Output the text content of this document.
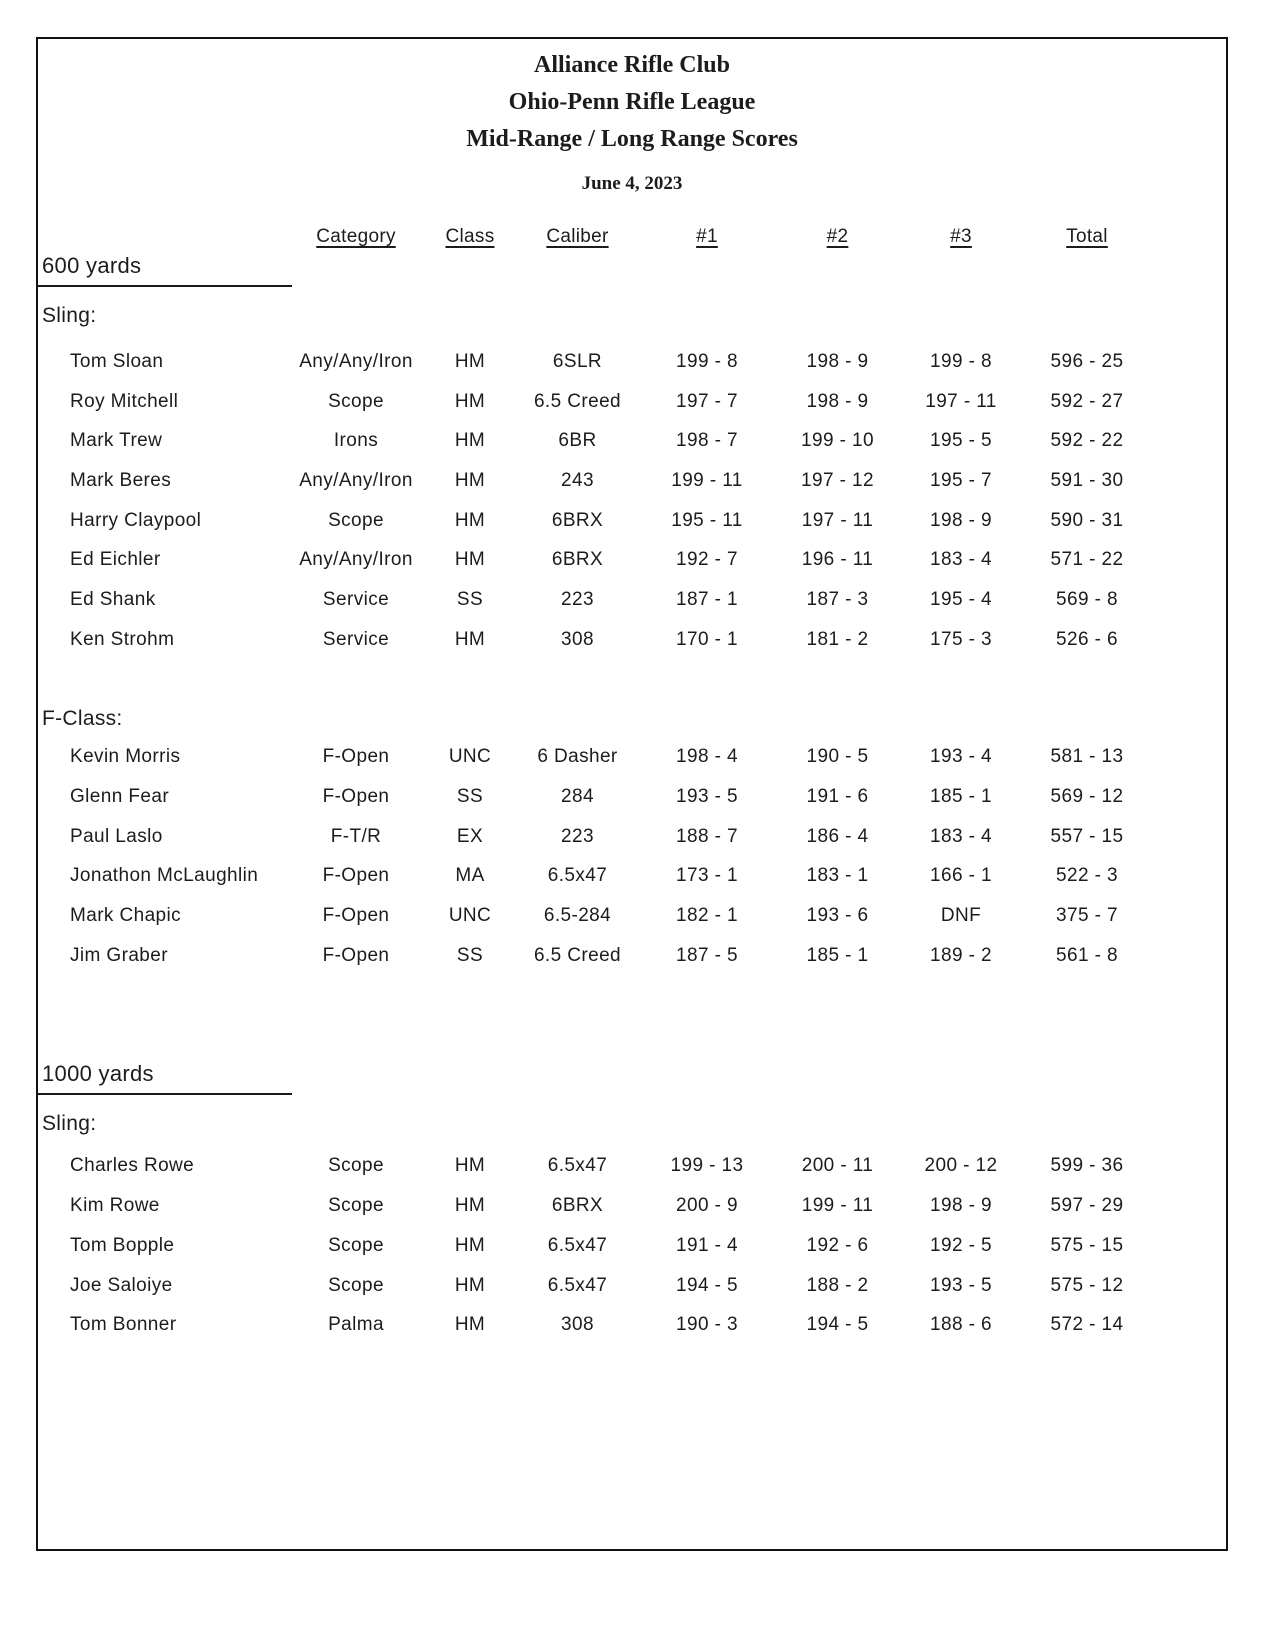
Alliance Rifle Club
Ohio-Penn Rifle League
Mid-Range / Long Range Scores
June 4, 2023
Category	Class	Caliber	#1	#2	#3	Total
600 yards
Sling:
Tom Sloan	Any/Any/Iron	HM	6SLR	199 - 8	198 - 9	199 - 8	596 - 25
Roy Mitchell	Scope	HM	6.5 Creed	197 - 7	198 - 9	197 - 11	592 - 27
Mark Trew	Irons	HM	6BR	198 - 7	199 - 10	195 - 5	592 - 22
Mark Beres	Any/Any/Iron	HM	243	199 - 11	197 - 12	195 - 7	591 - 30
Harry Claypool	Scope	HM	6BRX	195 - 11	197 - 11	198 - 9	590 - 31
Ed Eichler	Any/Any/Iron	HM	6BRX	192 - 7	196 - 11	183 - 4	571 - 22
Ed Shank	Service	SS	223	187 - 1	187 - 3	195 - 4	569 - 8
Ken Strohm	Service	HM	308	170 - 1	181 - 2	175 - 3	526 - 6
F-Class:
Kevin Morris	F-Open	UNC	6 Dasher	198 - 4	190 - 5	193 - 4	581 - 13
Glenn Fear	F-Open	SS	284	193 - 5	191 - 6	185 - 1	569 - 12
Paul Laslo	F-T/R	EX	223	188 - 7	186 - 4	183 - 4	557 - 15
Jonathon McLaughlin	F-Open	MA	6.5x47	173 - 1	183 - 1	166 - 1	522 - 3
Mark Chapic	F-Open	UNC	6.5-284	182 - 1	193 - 6	DNF	375 - 7
Jim Graber	F-Open	SS	6.5 Creed	187 - 5	185 - 1	189 - 2	561 - 8
1000 yards
Sling:
Charles Rowe	Scope	HM	6.5x47	199 - 13	200 - 11	200 - 12	599 - 36
Kim Rowe	Scope	HM	6BRX	200 - 9	199 - 11	198 - 9	597 - 29
Tom Bopple	Scope	HM	6.5x47	191 - 4	192 - 6	192 - 5	575 - 15
Joe Saloiye	Scope	HM	6.5x47	194 - 5	188 - 2	193 - 5	575 - 12
Tom Bonner	Palma	HM	308	190 - 3	194 - 5	188 - 6	572 - 14
